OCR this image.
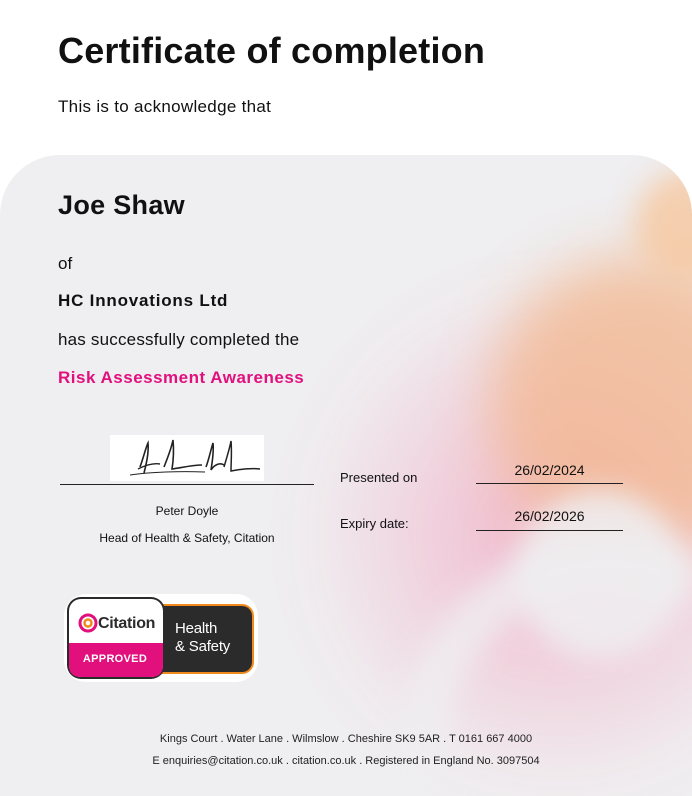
Certificate of completion
This is to acknowledge that
Joe Shaw
of
HC Innovations Ltd
has successfully completed the
Risk Assessment Awareness
Peter Doyle
Head of Health & Safety, Citation
Presented on	26/02/2024
Expiry date:	26/02/2026
Citation
APPROVED
Health
& Safety
Kings Court . Water Lane . Wilmslow . Cheshire SK9 5AR . T 0161 667 4000
E enquiries@citation.co.uk . citation.co.uk . Registered in England No. 3097504
